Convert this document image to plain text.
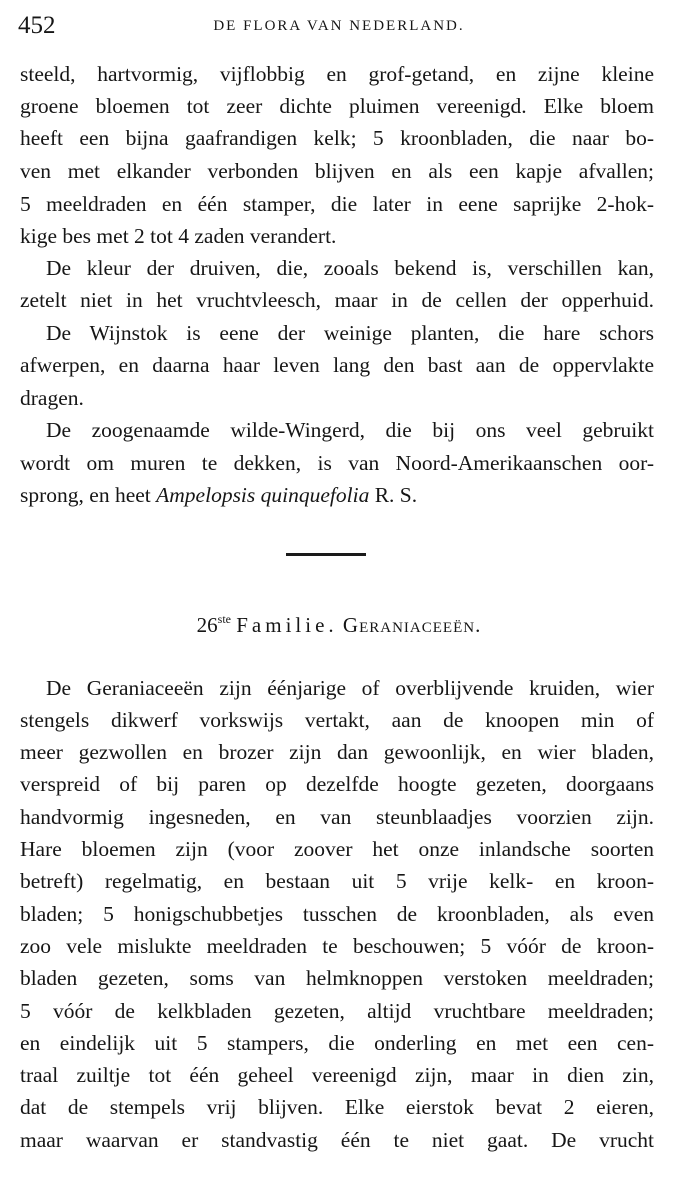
452	DE FLORA VAN NEDERLAND.
steeld, hartvormig, vijflobbig en grof-getand, en zijne kleine
groene bloemen tot zeer dichte pluimen vereenigd. Elke bloem
heeft een bijna gaafrandigen kelk; 5 kroonbladen, die naar bo-
ven met elkander verbonden blijven en als een kapje afvallen;
5 meeldraden en één stamper, die later in eene saprijke 2-hok-
kige bes met 2 tot 4 zaden verandert.
De kleur der druiven, die, zooals bekend is, verschillen kan,
zetelt niet in het vruchtvleesch, maar in de cellen der opperhuid.
De Wijnstok is eene der weinige planten, die hare schors
afwerpen, en daarna haar leven lang den bast aan de oppervlakte
dragen.
De zoogenaamde wilde-Wingerd, die bij ons veel gebruikt
wordt om muren te dekken, is van Noord-Amerikaanschen oor-
sprong, en heet Ampelopsis quinquefolia R. S.
26ste Familie. Geraniaceeën.
De Geraniaceeën zijn éénjarige of overblijvende kruiden, wier
stengels dikwerf vorkswijs vertakt, aan de knoopen min of
meer gezwollen en brozer zijn dan gewoonlijk, en wier bladen,
verspreid of bij paren op dezelfde hoogte gezeten, doorgaans
handvormig ingesneden, en van steunblaadjes voorzien zijn.
Hare bloemen zijn (voor zoover het onze inlandsche soorten
betreft) regelmatig, en bestaan uit 5 vrije kelk- en kroon-
bladen; 5 honigschubbetjes tusschen de kroonbladen, als even
zoo vele mislukte meeldraden te beschouwen; 5 vóór de kroon-
bladen gezeten, soms van helmknoppen verstoken meeldraden;
5 vóór de kelkbladen gezeten, altijd vruchtbare meeldraden;
en eindelijk uit 5 stampers, die onderling en met een cen-
traal zuiltje tot één geheel vereenigd zijn, maar in dien zin,
dat de stempels vrij blijven. Elke eierstok bevat 2 eieren,
maar waarvan er standvastig één te niet gaat. De vrucht
